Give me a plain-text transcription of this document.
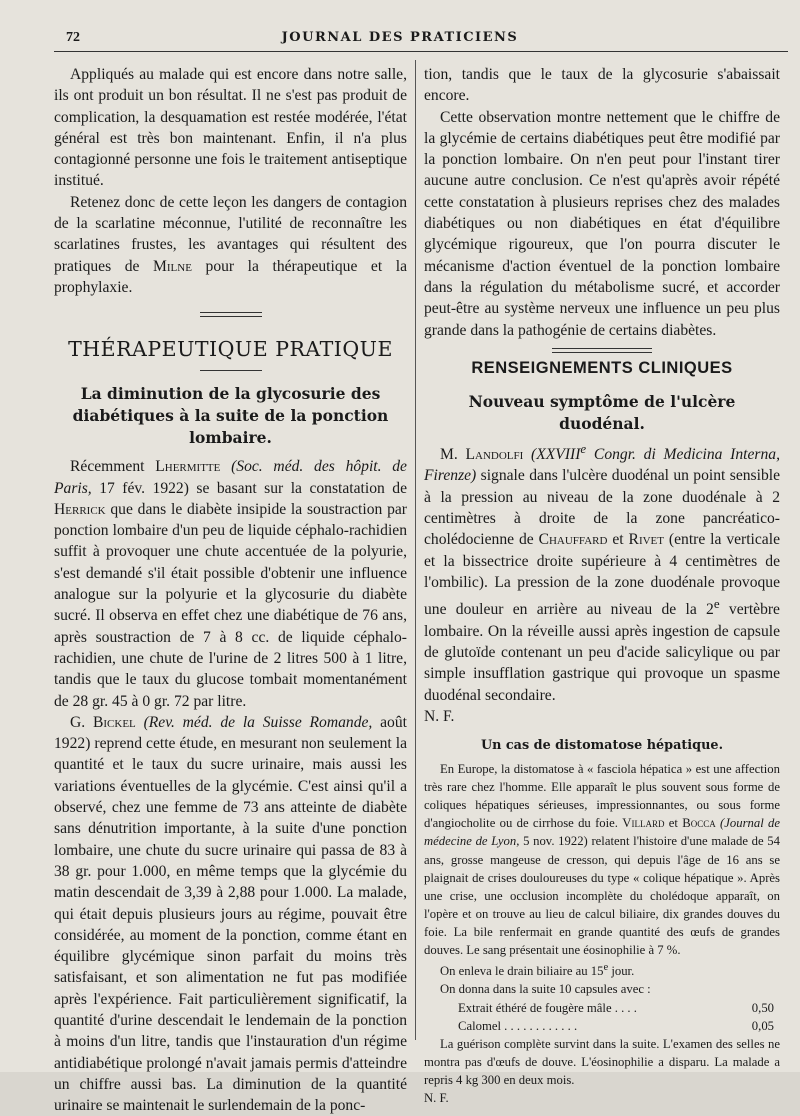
72	JOURNAL DES PRATICIENS

Appliqués au malade qui est encore dans notre salle, ils ont produit un bon résultat. Il ne s'est pas produit de complication, la desquamation est restée modérée, l'état général est très bon maintenant. Enfin, il n'a plus contagionné personne une fois le traitement antiseptique institué.

Retenez donc de cette leçon les dangers de contagion de la scarlatine méconnue, l'utilité de reconnaître les scarlatines frustes, les avantages qui résultent des pratiques de Milne pour la thérapeutique et la prophylaxie.

THÉRAPEUTIQUE PRATIQUE
La diminution de la glycosurie des diabétiques à la suite de la ponction lombaire.

Récemment Lhermitte (Soc. méd. des hôpit. de Paris, 17 fév. 1922) se basant sur la constatation de Herrick que dans le diabète insipide la soustraction par ponction lombaire d'un peu de liquide céphalo-rachidien suffit à provoquer une chute accentuée de la polyurie, s'est demandé s'il était possible d'obtenir une influence analogue sur la polyurie et la glycosurie du diabète sucré. Il observa en effet chez une diabétique de 76 ans, après soustraction de 7 à 8 cc. de liquide céphalo-rachidien, une chute de l'urine de 2 litres 500 à 1 litre, tandis que le taux du glucose tombait momentanément de 28 gr. 45 à 0 gr. 72 par litre.

G. Bickel (Rev. méd. de la Suisse Romande, août 1922) reprend cette étude, en mesurant non seulement la quantité et le taux du sucre urinaire, mais aussi les variations éventuelles de la glycémie. C'est ainsi qu'il a observé, chez une femme de 73 ans atteinte de diabète sans dénutrition importante, à la suite d'une ponction lombaire, une chute du sucre urinaire qui passa de 83 à 38 gr. pour 1.000, en même temps que la glycémie du matin descendait de 3,39 à 2,88 pour 1.000. La malade, qui était depuis plusieurs jours au régime, pouvait être considérée, au moment de la ponction, comme étant en équilibre glycémique sinon parfait du moins très satisfaisant, et son alimentation ne fut pas modifiée après l'expérience. Fait particulièrement significatif, la quantité d'urine descendait le lendemain de la ponction à moins d'un litre, tandis que l'instauration d'un régime antidiabétique prolongé n'avait jamais permis d'atteindre un chiffre aussi bas. La diminution de la quantité urinaire se maintenait le surlendemain de la ponc-

tion, tandis que le taux de la glycosurie s'abaissait encore.

Cette observation montre nettement que le chiffre de la glycémie de certains diabétiques peut être modifié par la ponction lombaire. On n'en peut pour l'instant tirer aucune autre conclusion. Ce n'est qu'après avoir répété cette constatation à plusieurs reprises chez des malades diabétiques ou non diabétiques en état d'équilibre glycémique rigoureux, que l'on pourra discuter le mécanisme d'action éventuel de la ponction lombaire dans la régulation du métabolisme sucré, et accorder peut-être au système nerveux une influence un peu plus grande dans la pathogénie de certains diabètes.

RENSEIGNEMENTS CLINIQUES
Nouveau symptôme de l'ulcère duodénal.

M. Landolfi (XXVIIIe Congr. di Medicina Interna, Firenze) signale dans l'ulcère duodénal un point sensible à la pression au niveau de la zone duodénale à 2 centimètres à droite de la zone pancréatico-cholédocienne de Chauffard et Rivet (entre la verticale et la bissectrice droite supérieure à 4 centimètres de l'ombilic). La pression de la zone duodénale provoque une douleur en arrière au niveau de la 2e vertèbre lombaire. On la réveille aussi après ingestion de capsule de glutoïde contenant un peu d'acide salicylique ou par simple insufflation gastrique qui provoque un spasme duodénal secondaire.

N. F.

Un cas de distomatose hépatique.

En Europe, la distomatose à « fasciola hépatica » est une affection très rare chez l'homme. Elle apparaît le plus souvent sous forme de coliques hépatiques sérieuses, impressionnantes, ou sous forme d'angiocholite ou de cirrhose du foie. Villard et Bocca (Journal de médecine de Lyon, 5 nov. 1922) relatent l'histoire d'une malade de 54 ans, grosse mangeuse de cresson, qui depuis l'âge de 16 ans se plaignait de crises douloureuses du type « colique hépatique ». Après une crise, une occlusion incomplète du cholédoque apparaît, on l'opère et on trouve au lieu de calcul biliaire, dix grandes douves du foie. La bile renfermait en grande quantité des œufs de grandes douves. Le sang présentait une éosinophilie à 7 %.

On enleva le drain biliaire au 15e jour.

On donna dans la suite 10 capsules avec :

Extrait éthéré de fougère mâle . . . .	0,50
Calomel . . . . . . . . . . . .	0,05

La guérison complète survint dans la suite. L'examen des selles ne montra pas d'œufs de douve. L'éosinophilie a disparu. La malade a repris 4 kg 300 en deux mois.

N. F.
